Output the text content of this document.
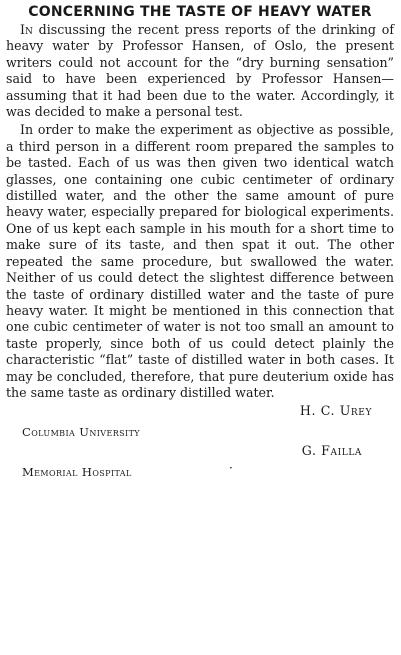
CONCERNING THE TASTE OF HEAVY WATER

In discussing the recent press reports of the drinking of heavy water by Professor Hansen, of Oslo, the present writers could not account for the “dry burning sensation” said to have been experienced by Professor Hansen—assuming that it had been due to the water. Accordingly, it was decided to make a personal test.

In order to make the experiment as objective as possible, a third person in a different room prepared the samples to be tasted. Each of us was then given two identical watch glasses, one containing one cubic centimeter of ordinary distilled water, and the other the same amount of pure heavy water, especially prepared for biological experiments. One of us kept each sample in his mouth for a short time to make sure of its taste, and then spat it out. The other repeated the same procedure, but swallowed the water. Neither of us could detect the slightest difference between the taste of ordinary distilled water and the taste of pure heavy water. It might be mentioned in this connection that one cubic centimeter of water is not too small an amount to taste properly, since both of us could detect plainly the characteristic “flat” taste of distilled water in both cases. It may be concluded, therefore, that pure deuterium oxide has the same taste as ordinary distilled water.

H. C. Urey
Columbia University
G. Failla
Memorial Hospital	·
